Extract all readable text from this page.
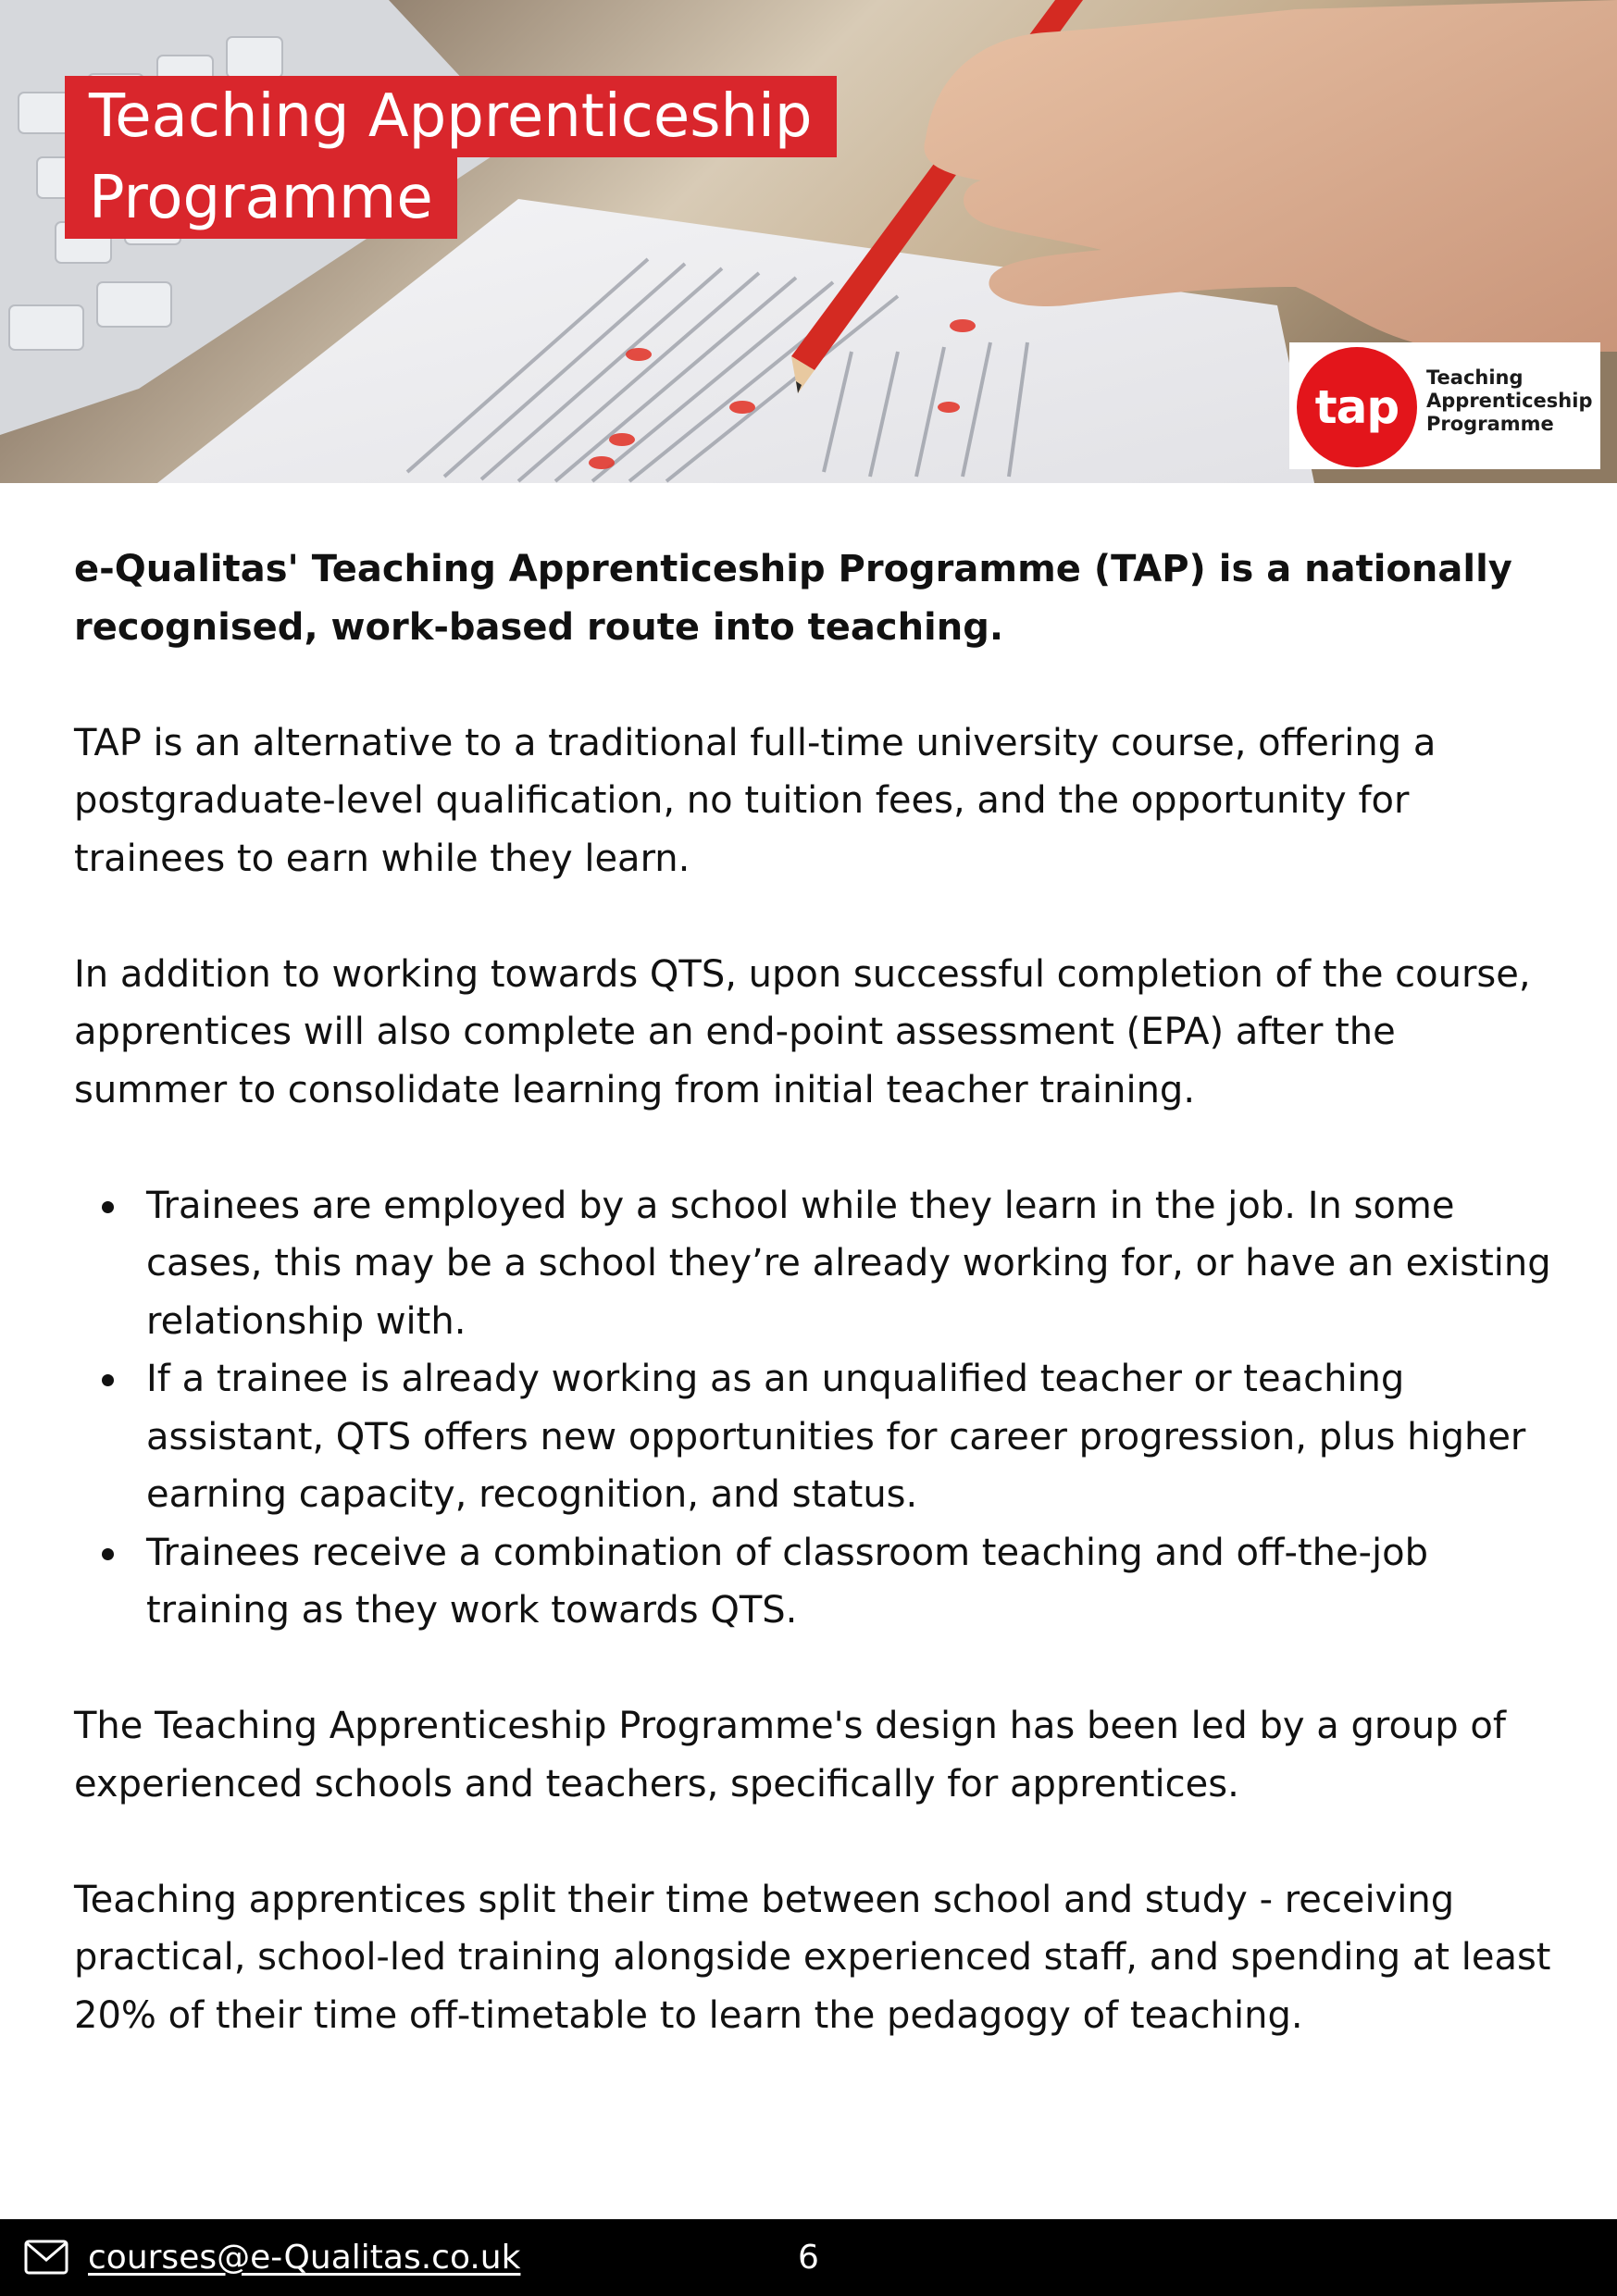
Teaching Apprenticeship
Programme
tap
Teaching
Apprenticeship
Programme

e-Qualitas' Teaching Apprenticeship Programme (TAP) is a nationally recognised, work-based route into teaching.

TAP is an alternative to a traditional full-time university course, offering a postgraduate-level qualification, no tuition fees, and the opportunity for trainees to earn while they learn.

In addition to working towards QTS, upon successful completion of the course, apprentices will also complete an end-point assessment (EPA) after the summer to consolidate learning from initial teacher training.

Trainees are employed by a school while they learn in the job. In some cases, this may be a school they’re already working for, or have an existing relationship with.
If a trainee is already working as an unqualified teacher or teaching assistant, QTS offers new opportunities for career progression, plus higher earning capacity, recognition, and status.
Trainees receive a combination of classroom teaching and off-the-job training as they work towards QTS.

The Teaching Apprenticeship Programme's design has been led by a group of experienced schools and teachers, specifically for apprentices.

Teaching apprentices split their time between school and study - receiving practical, school-led training alongside experienced staff, and spending at least 20% of their time off-timetable to learn the pedagogy of teaching.

courses@e-Qualitas.co.uk	6
